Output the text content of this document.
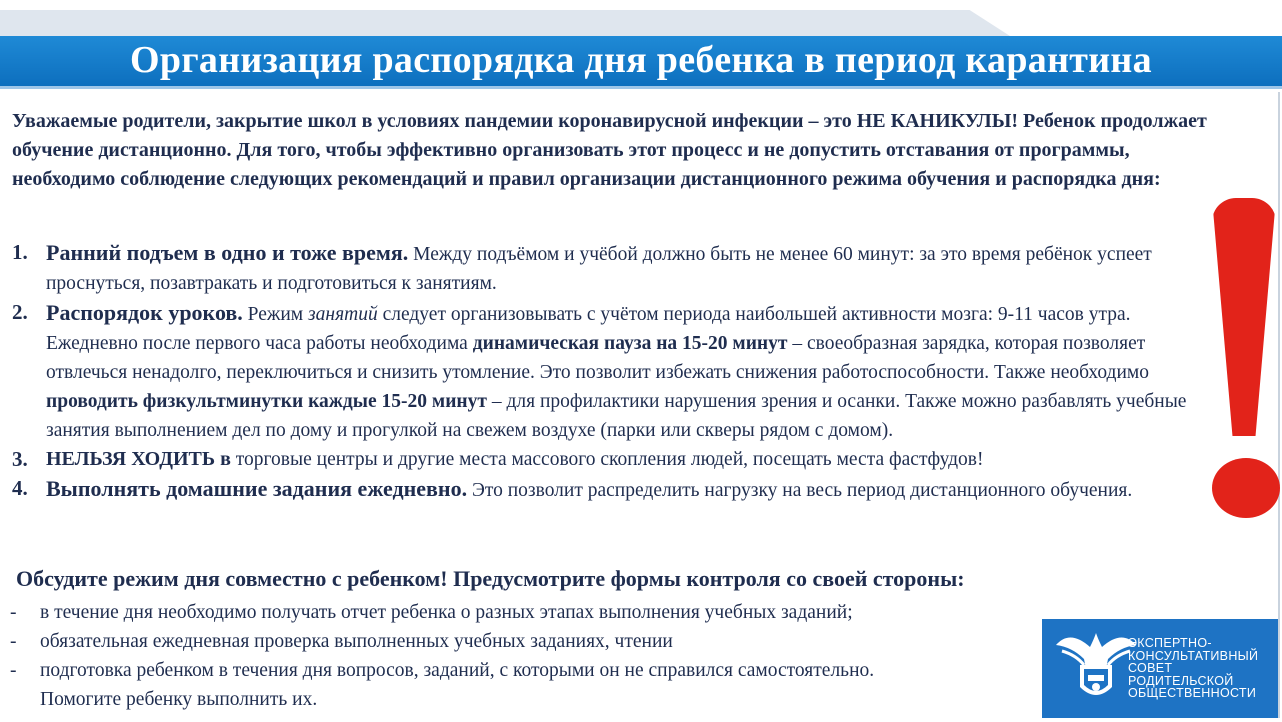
Организация распорядка дня ребенка в период карантина
Уважаемые родители, закрытие школ в условиях пандемии коронавирусной инфекции – это НЕ КАНИКУЛЫ! Ребенок продолжает обучение дистанционно. Для того, чтобы эффективно организовать этот процесс и не допустить отставания от программы, необходимо соблюдение следующих рекомендаций и правил организации дистанционного режима обучения и распорядка дня:
1. Ранний подъем в одно и тоже время. Между подъёмом и учёбой должно быть не менее 60 минут: за это время ребёнок успеет проснуться, позавтракать и подготовиться к занятиям.
2. Распорядок уроков. Режим занятий следует организовывать с учётом периода наибольшей активности мозга: 9-11 часов утра. Ежедневно после первого часа работы необходима динамическая пауза на 15-20 минут – своеобразная зарядка, которая позволяет отвлечься ненадолго, переключиться и снизить утомление. Это позволит избежать снижения работоспособности. Также необходимо проводить физкультминутки каждые 15-20 минут – для профилактики нарушения зрения и осанки. Также можно разбавлять учебные занятия выполнением дел по дому и прогулкой на свежем воздухе (парки или скверы рядом с домом).
3. НЕЛЬЗЯ ХОДИТЬ в торговые центры и другие места массового скопления людей, посещать места фастфудов!
4. Выполнять домашние задания ежедневно. Это позволит распределить нагрузку на весь период дистанционного обучения.
Обсудите режим дня совместно с ребенком! Предусмотрите формы контроля со своей стороны:
- в течение дня необходимо получать отчет ребенка о разных этапах выполнения учебных заданий;
- обязательная ежедневная проверка выполненных учебных заданиях, чтении
- подготовка ребенком в течения дня вопросов, заданий, с которыми он не справился самостоятельно.
Помогите ребенку выполнить их.
ЭКСПЕРТНО-
КОНСУЛЬТАТИВНЫЙ
СОВЕТ
РОДИТЕЛЬСКОЙ
ОБЩЕСТВЕННОСТИ
